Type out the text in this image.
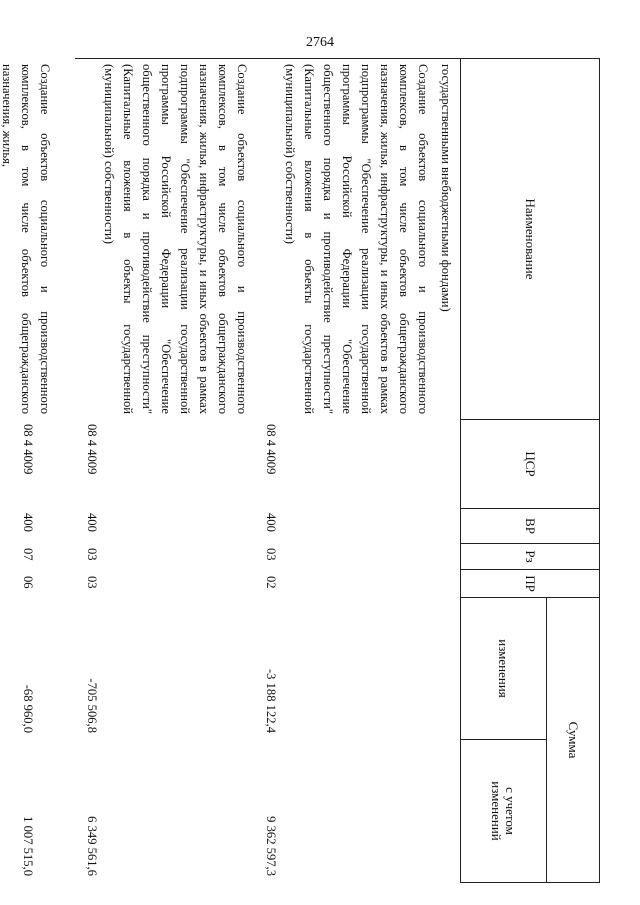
2764
Наименование
ЦСР
ВР
Рз
ПР
Сумма
изменения
с учетом изменений
государственными внебюджетными фондами)
Создание объектов социального и производственного комплексов, в том числе объектов общегражданского назначения, жилья, инфраструктуры, и иных объектов в рамках подпрограммы "Обеспечение реализации государственной программы Российской Федерации "Обеспечение общественного порядка и противодействие преступности" (Капитальные вложения в объекты государственной (муниципальной) собственности)
08 4 4009
400
03
02
-3 188 122,4
9 362 597,3
Создание объектов социального и производственного комплексов, в том числе объектов общегражданского назначения, жилья, инфраструктуры, и иных объектов в рамках подпрограммы "Обеспечение реализации государственной программы Российской Федерации "Обеспечение общественного порядка и противодействие преступности" (Капитальные вложения в объекты государственной (муниципальной) собственности)
08 4 4009
400
03
03
-705 506,8
6 349 561,6
Создание объектов социального и производственного комплексов, в том числе объектов общегражданского назначения, жилья,
08 4 4009
400
07
06
-68 960,0
1 007 515,0
